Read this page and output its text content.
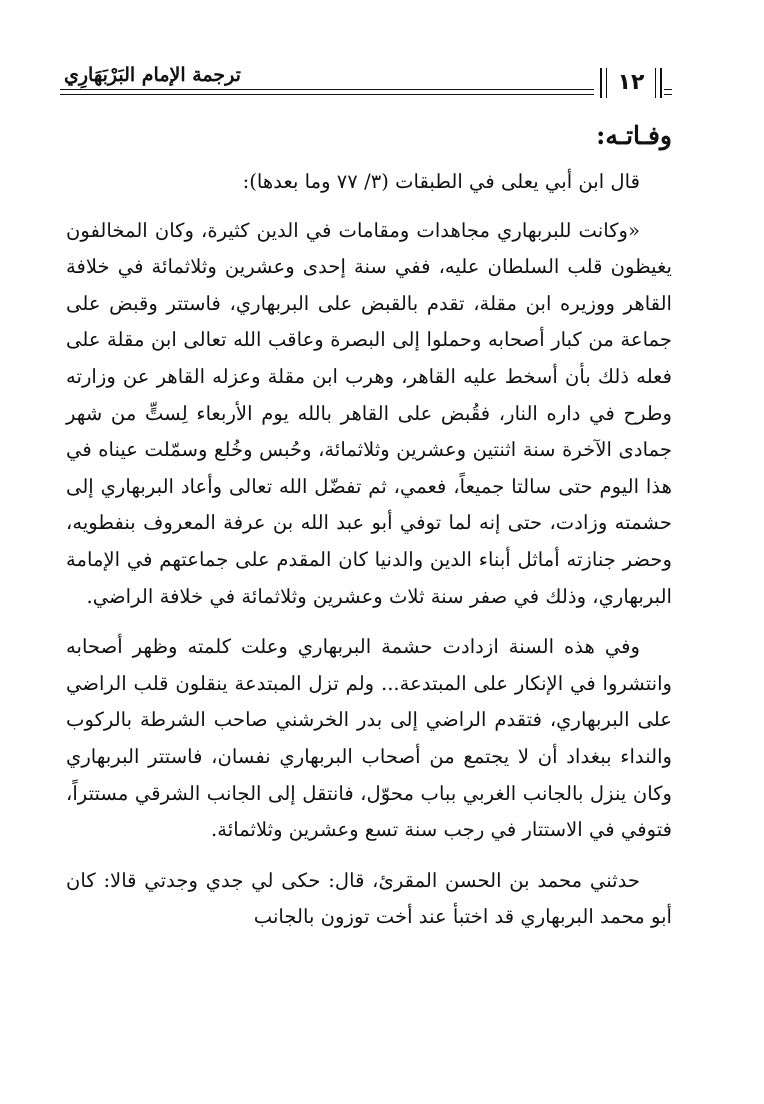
ترجمة الإمام البَرْبَهَارِي	١٢
وفـاتـه:

قال ابن أبي يعلى في الطبقات (٣/ ٧٧ وما بعدها):

«وكانت للبربهاري مجاهدات ومقامات في الدين كثيرة، وكان المخالفون يغيظون قلب السلطان عليه، ففي سنة إحدى وعشرين وثلاثمائة في خلافة القاهر ووزيره ابن مقلة، تقدم بالقبض على البربهاري، فاستتر وقبض على جماعة من كبار أصحابه وحملوا إلى البصرة وعاقب الله تعالى ابن مقلة على فعله ذلك بأن أسخط عليه القاهر، وهرب ابن مقلة وعزله القاهر عن وزارته وطرح في داره النار، فقُبض على القاهر بالله يوم الأربعاء لِستٍّ من شهر جمادى الآخرة سنة اثنتين وعشرين وثلاثمائة، وحُبس وخُلع وسمّلت عيناه في هذا اليوم حتى سالتا جميعاً، فعمي، ثم تفضّل الله تعالى وأعاد البربهاري إلى حشمته وزادت، حتى إنه لما توفي أبو عبد الله بن عرفة المعروف بنفطويه، وحضر جنازته أماثل أبناء الدين والدنيا كان المقدم على جماعتهم في الإمامة البربهاري، وذلك في صفر سنة ثلاث وعشرين وثلاثمائة في خلافة الراضي.

وفي هذه السنة ازدادت حشمة البربهاري وعلت كلمته وظهر أصحابه وانتشروا في الإنكار على المبتدعة... ولم تزل المبتدعة ينقلون قلب الراضي على البربهاري، فتقدم الراضي إلى بدر الخرشني صاحب الشرطة بالركوب والنداء ببغداد أن لا يجتمع من أصحاب البربهاري نفسان، فاستتر البربهاري وكان ينزل بالجانب الغربي بباب محوّل، فانتقل إلى الجانب الشرقي مستتراً، فتوفي في الاستتار في رجب سنة تسع وعشرين وثلاثمائة.

حدثني محمد بن الحسن المقرئ، قال: حكى لي جدي وجدتي قالا: كان أبو محمد البربهاري قد اختبأ عند أخت توزون بالجانب
